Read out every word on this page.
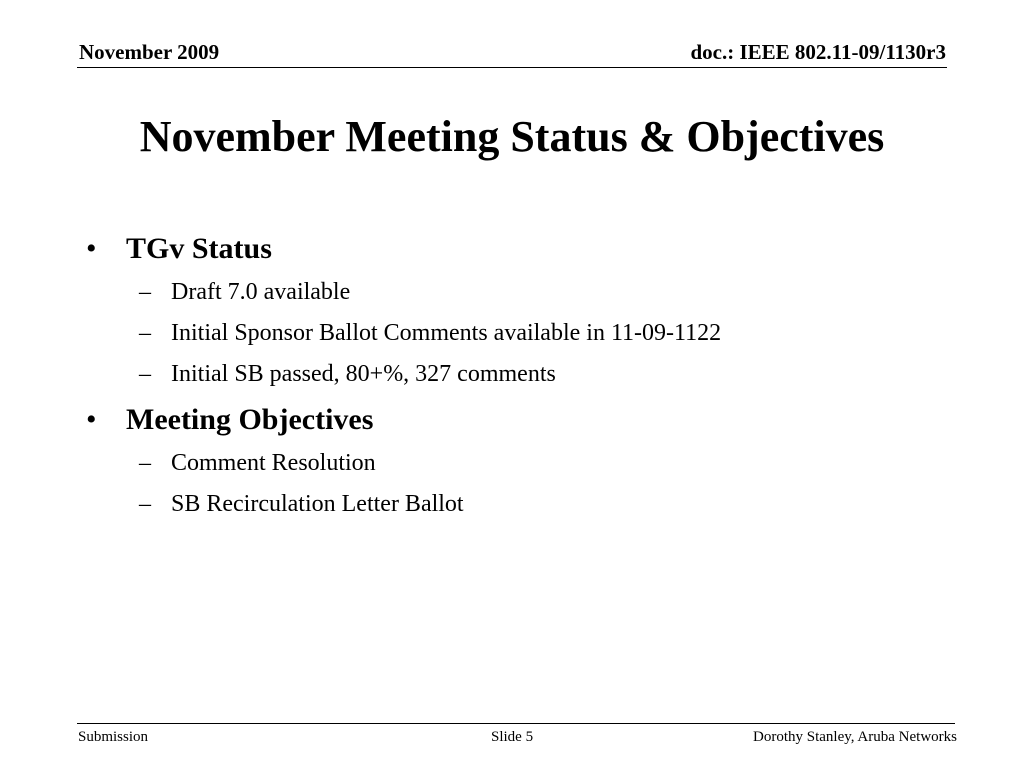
November 2009	doc.: IEEE 802.11-09/1130r3
November Meeting Status & Objectives
• TGv Status
– Draft 7.0 available
– Initial Sponsor Ballot Comments available in 11-09-1122
– Initial SB passed, 80+%, 327 comments
• Meeting Objectives
– Comment Resolution
– SB Recirculation Letter Ballot
Submission	Slide 5	Dorothy Stanley, Aruba Networks
